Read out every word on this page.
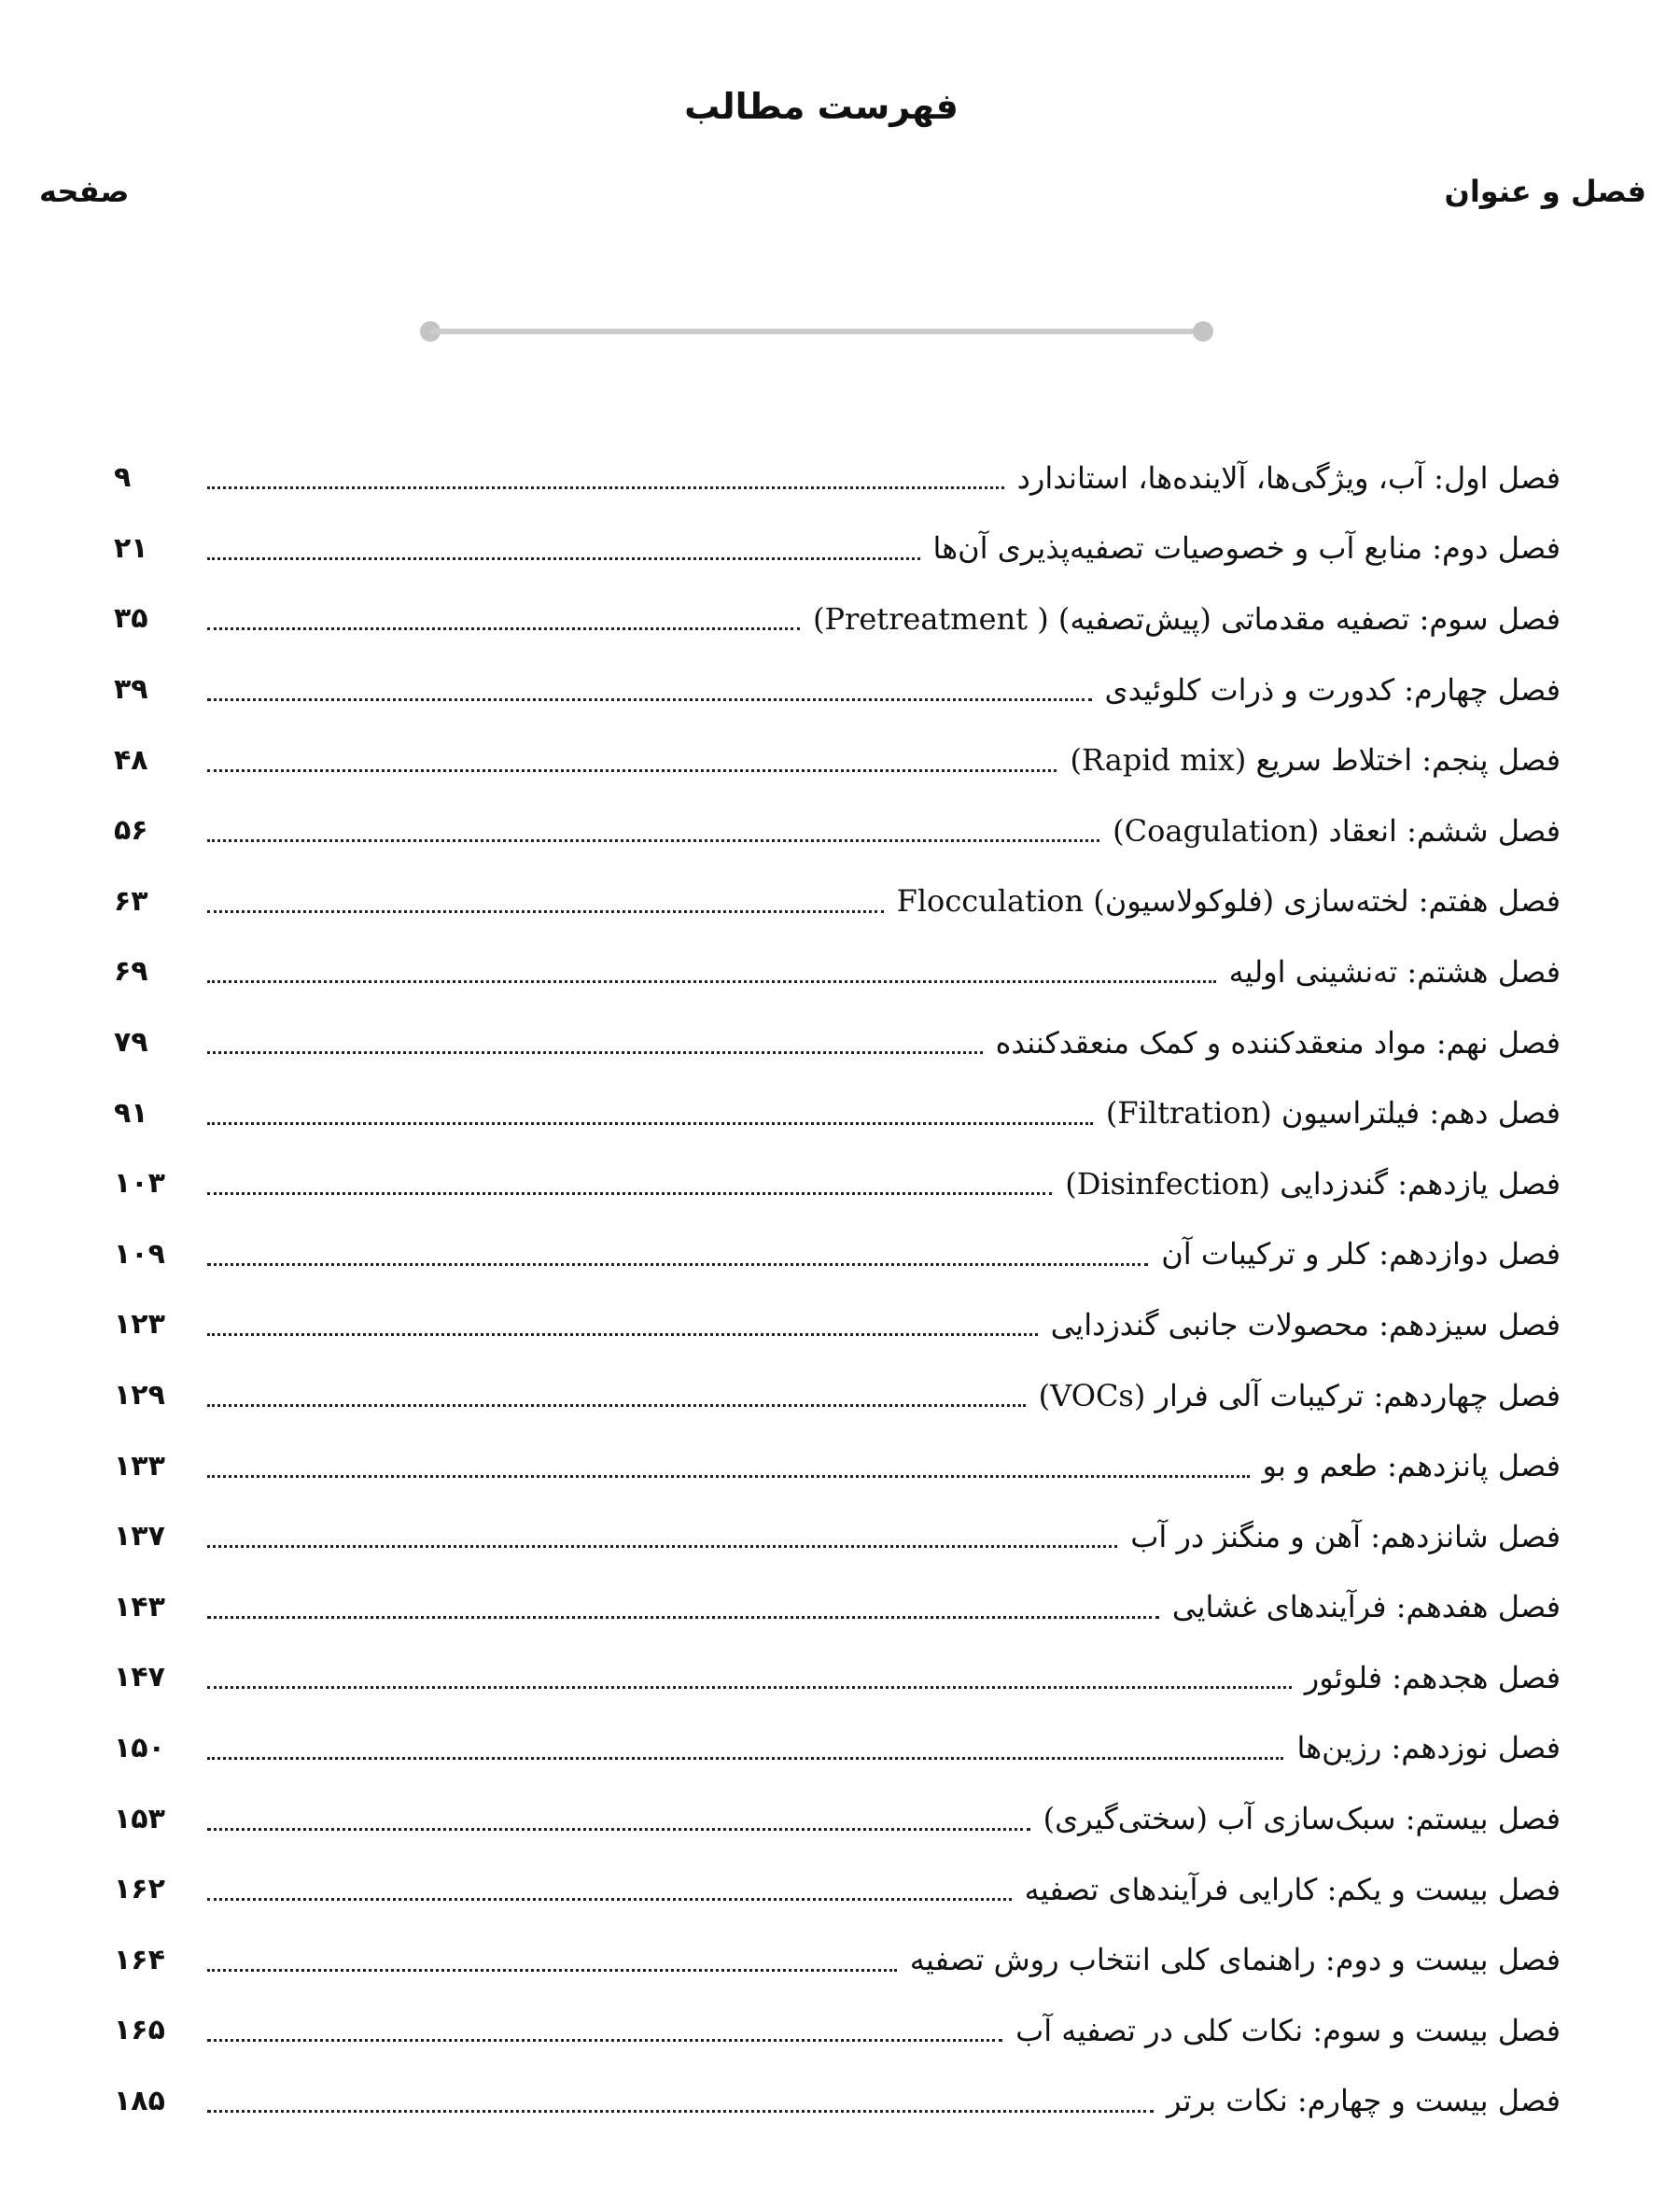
فهرست مطالب
فصل و عنوان
صفحه
فصل اول: آب، ویژگی‌ها، آلاینده‌ها، استاندارد
۹
فصل دوم: منابع آب و خصوصیات تصفیه‌پذیری آن‌ها
۲۱
فصل سوم: تصفیه مقدماتی (پیش‌تصفیه) ( Pretreatment)
۳۵
فصل چهارم: کدورت و ذرات کلوئیدی
۳۹
فصل پنجم: اختلاط سریع (Rapid mix)
۴۸
فصل ششم: انعقاد (Coagulation)
۵۶
فصل هفتم: لخته‌سازی (فلوکولاسیون) Flocculation
۶۳
فصل هشتم: ته‌نشینی اولیه
۶۹
فصل نهم: مواد منعقدکننده و کمک منعقدکننده
۷۹
فصل دهم: فیلتراسیون (Filtration)
۹۱
فصل یازدهم: گندزدایی (Disinfection)
۱۰۳
فصل دوازدهم: کلر و ترکیبات آن
۱۰۹
فصل سیزدهم: محصولات جانبی گندزدایی
۱۲۳
فصل چهاردهم: ترکیبات آلی فرار (VOCs)
۱۲۹
فصل پانزدهم: طعم و بو
۱۳۳
فصل شانزدهم: آهن و منگنز در آب
۱۳۷
فصل هفدهم: فرآیندهای غشایی
۱۴۳
فصل هجدهم: فلوئور
۱۴۷
فصل نوزدهم: رزین‌ها
۱۵۰
فصل بیستم: سبک‌سازی آب (سختی‌گیری)
۱۵۳
فصل بیست و یکم: کارایی فرآیندهای تصفیه
۱۶۲
فصل بیست و دوم: راهنمای کلی انتخاب روش تصفیه
۱۶۴
فصل بیست و سوم: نکات کلی در تصفیه آب
۱۶۵
فصل بیست و چهارم: نکات برتر
۱۸۵
